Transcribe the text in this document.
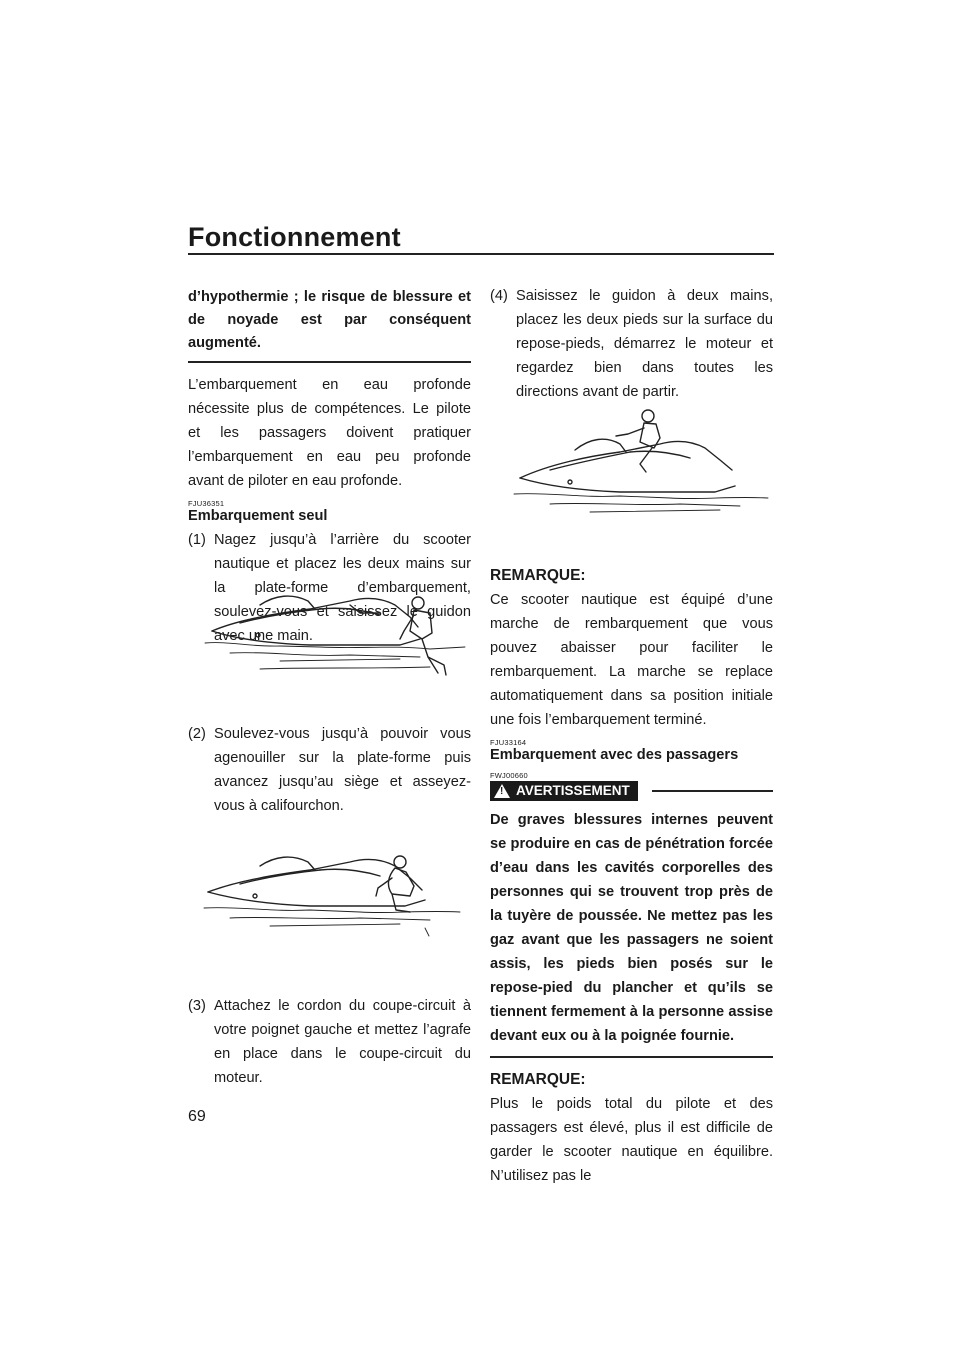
Fonctionnement

d’hypothermie ; le risque de blessure et de noyade est par conséquent augmenté.

L’embarquement en eau profonde nécessite plus de compétences. Le pilote et les passagers doivent pratiquer l’embarquement en eau peu profonde avant de piloter en eau profonde.

FJU36351

Embarquement seul

(1) Nagez jusqu’à l’arrière du scooter nautique et placez les deux mains sur la plate-forme d’embarquement, soulevez-vous et saisissez le guidon avec une main.
(2) Soulevez-vous jusqu’à pouvoir vous agenouiller sur la plate-forme puis avancez jusqu’au siège et asseyez-vous à califourchon.
(3) Attachez le cordon du coupe-circuit à votre poignet gauche et mettez l’agrafe en place dans le coupe-circuit du moteur.
69
(4) Saisissez le guidon à deux mains, placez les deux pieds sur la surface du repose-pieds, démarrez le moteur et regardez bien dans toutes les directions avant de partir.

REMARQUE:

Ce scooter nautique est équipé d’une marche de rembarquement que vous pouvez abaisser pour faciliter le rembarquement. La marche se replace automatiquement dans sa position initiale une fois l’embarquement terminé.

FJU33164

Embarquement avec des passagers

FWJ00660

! AVERTISSEMENT

De graves blessures internes peuvent se produire en cas de pénétration forcée d’eau dans les cavités corporelles des personnes qui se trouvent trop près de la tuyère de poussée. Ne mettez pas les gaz avant que les passagers ne soient assis, les pieds bien posés sur le repose-pied du plancher et qu’ils se tiennent fermement à la personne assise devant eux ou à la poignée fournie.

REMARQUE:

Plus le poids total du pilote et des passagers est élevé, plus il est difficile de garder le scooter nautique en équilibre. N’utilisez pas le
